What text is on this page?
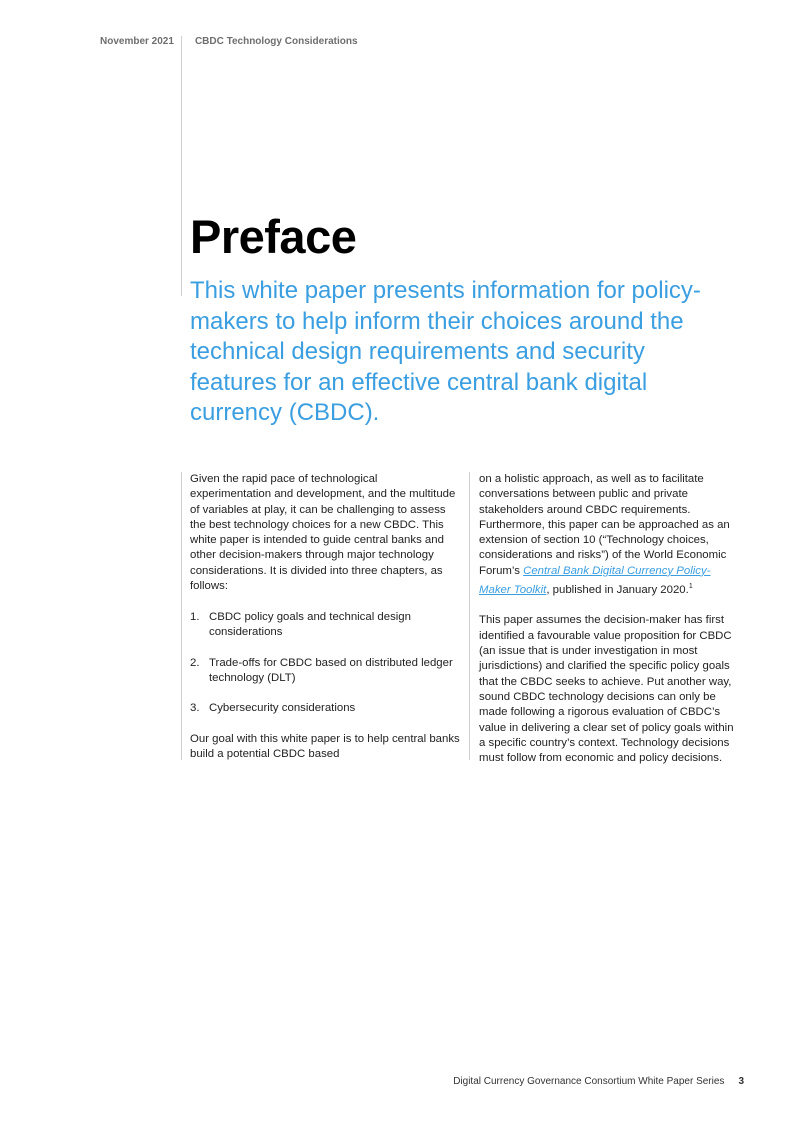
November 2021 CBDC Technology Considerations
Preface

This white paper presents information for policy-makers to help inform their choices around the technical design requirements and security features for an effective central bank digital currency (CBDC).

Given the rapid pace of technological experimentation and development, and the multitude of variables at play, it can be challenging to assess the best technology choices for a new CBDC. This white paper is intended to guide central banks and other decision-makers through major technology considerations. It is divided into three chapters, as follows:

1. CBDC policy goals and technical design considerations
2. Trade-offs for CBDC based on distributed ledger technology (DLT)
3. Cybersecurity considerations

Our goal with this white paper is to help central banks build a potential CBDC based

on a holistic approach, as well as to facilitate conversations between public and private stakeholders around CBDC requirements. Furthermore, this paper can be approached as an extension of section 10 (“Technology choices, considerations and risks”) of the World Economic Forum’s Central Bank Digital Currency Policy-Maker Toolkit, published in January 2020.$^1$

This paper assumes the decision-maker has first identified a favourable value proposition for CBDC (an issue that is under investigation in most jurisdictions) and clarified the specific policy goals that the CBDC seeks to achieve. Put another way, sound CBDC technology decisions can only be made following a rigorous evaluation of CBDC’s value in delivering a clear set of policy goals within a specific country’s context. Technology decisions must follow from economic and policy decisions.

Digital Currency Governance Consortium White Paper Series 3
